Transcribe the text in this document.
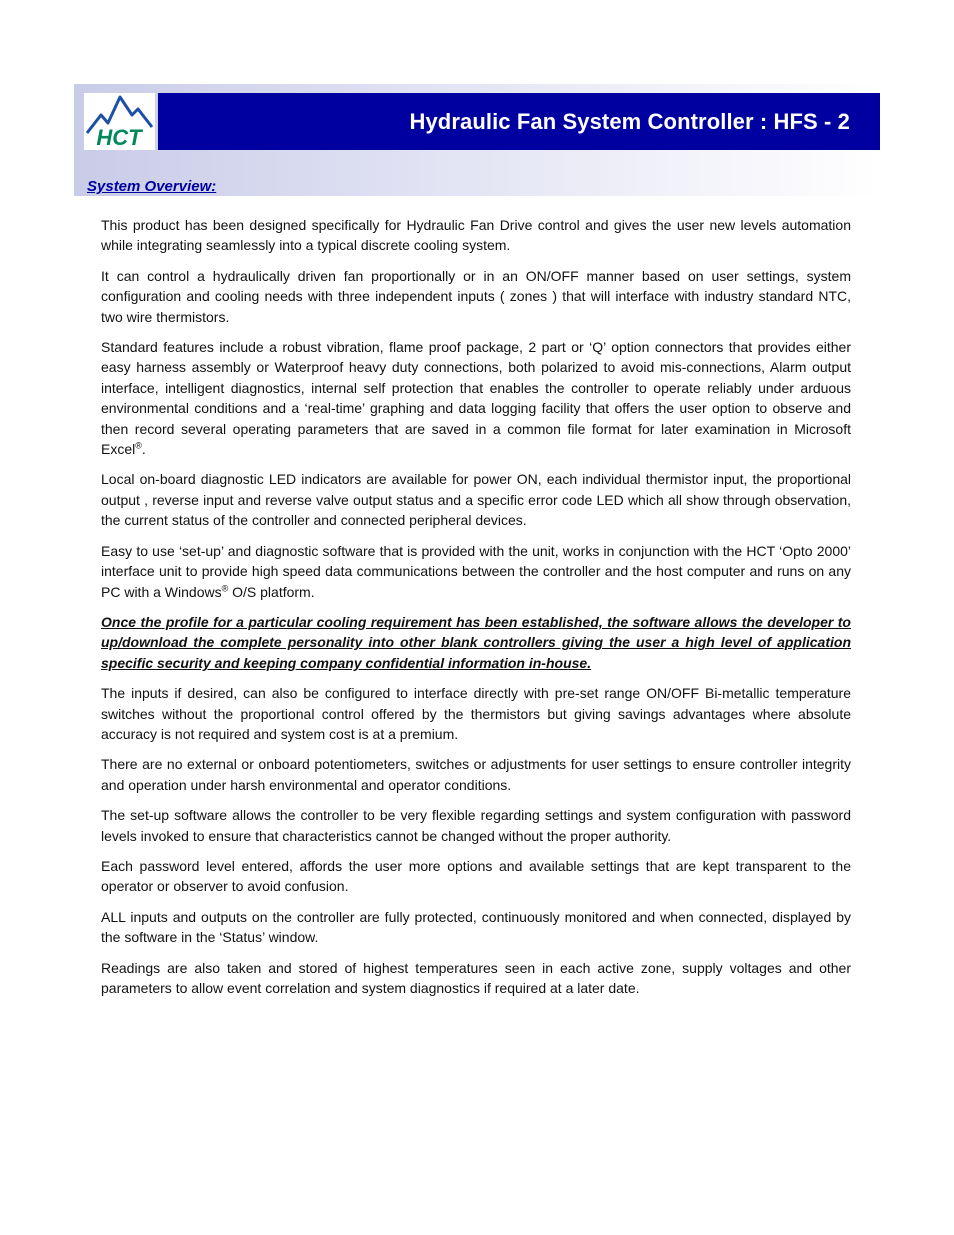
HCT
Hydraulic Fan System Controller : HFS - 2
System Overview:

This product has been designed specifically for Hydraulic Fan Drive control and gives the user new levels automation while integrating seamlessly into a typical discrete cooling system.

It can control a hydraulically driven fan proportionally or in an ON/OFF manner based on user settings, system configuration and cooling needs with three independent inputs ( zones ) that will interface with industry standard NTC, two wire thermistors.

Standard features include a robust vibration, flame proof package, 2 part or ‘Q’ option connectors that provides either easy harness assembly or Waterproof heavy duty connections, both polarized to avoid mis-connections, Alarm output interface, intelligent diagnostics, internal self protection that enables the controller to operate reliably under arduous environmental conditions and a ‘real-time’ graphing and data logging facility that offers the user option to observe and then record several operating parameters that are saved in a common file format for later examination in Microsoft Excel®.

Local on-board diagnostic LED indicators are available for power ON, each individual thermistor input, the proportional output , reverse input and reverse valve output status and a specific error code LED which all show through observation, the current status of the controller and connected peripheral devices.

Easy to use ‘set-up’ and diagnostic software that is provided with the unit, works in conjunction with the HCT ‘Opto 2000’ interface unit to provide high speed data communications between the controller and the host computer and runs on any PC with a Windows® O/S platform.

Once the profile for a particular cooling requirement has been established, the software allows the developer to up/download the complete personality into other blank controllers giving the user a high level of application specific security and keeping company confidential information in-house.

The inputs if desired, can also be configured to interface directly with pre-set range ON/OFF Bi-metallic temperature switches without the proportional control offered by the thermistors but giving savings advantages where absolute accuracy is not required and system cost is at a premium.

There are no external or onboard potentiometers, switches or adjustments for user settings to ensure controller integrity and operation under harsh environmental and operator conditions.

The set-up software allows the controller to be very flexible regarding settings and system configuration with password levels invoked to ensure that characteristics cannot be changed without the proper authority.

Each password level entered, affords the user more options and available settings that are kept transparent to the operator or observer to avoid confusion.

ALL inputs and outputs on the controller are fully protected, continuously monitored and when connected, displayed by the software in the ‘Status’ window.

Readings are also taken and stored of highest temperatures seen in each active zone, supply voltages and other parameters to allow event correlation and system diagnostics if required at a later date.
